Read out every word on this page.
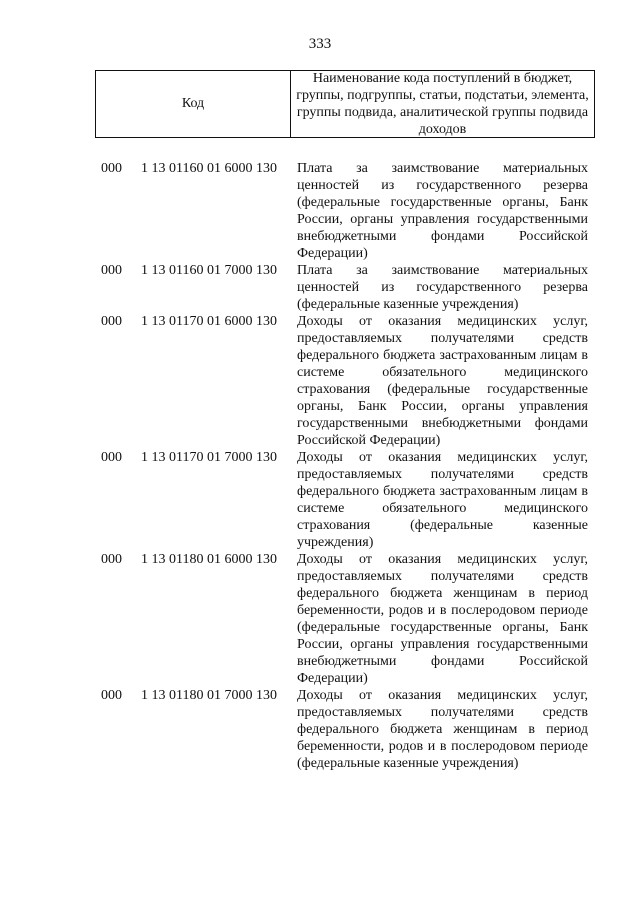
333
Код
Наименование кода поступлений в бюджет, группы, подгруппы, статьи, подстатьи, элемента, группы подвида, аналитической группы подвида доходов
000 1 13 01160 01 6000 130 Плата за заимствование материальных ценностей из государственного резерва (федеральные государственные органы, Банк России, органы управления государственными внебюджетными фондами Российской Федерации)
000 1 13 01160 01 7000 130 Плата за заимствование материальных ценностей из государственного резерва (федеральные казенные учреждения)
000 1 13 01170 01 6000 130 Доходы от оказания медицинских услуг, предоставляемых получателями средств федерального бюджета застрахованным лицам в системе обязательного медицинского страхования (федеральные государственные органы, Банк России, органы управления государственными внебюджетными фондами Российской Федерации)
000 1 13 01170 01 7000 130 Доходы от оказания медицинских услуг, предоставляемых получателями средств федерального бюджета застрахованным лицам в системе обязательного медицинского страхования (федеральные казенные учреждения)
000 1 13 01180 01 6000 130 Доходы от оказания медицинских услуг, предоставляемых получателями средств федерального бюджета женщинам в период беременности, родов и в послеродовом периоде (федеральные государственные органы, Банк России, органы управления государственными внебюджетными фондами Российской Федерации)
000 1 13 01180 01 7000 130 Доходы от оказания медицинских услуг, предоставляемых получателями средств федерального бюджета женщинам в период беременности, родов и в послеродовом периоде (федеральные казенные учреждения)
